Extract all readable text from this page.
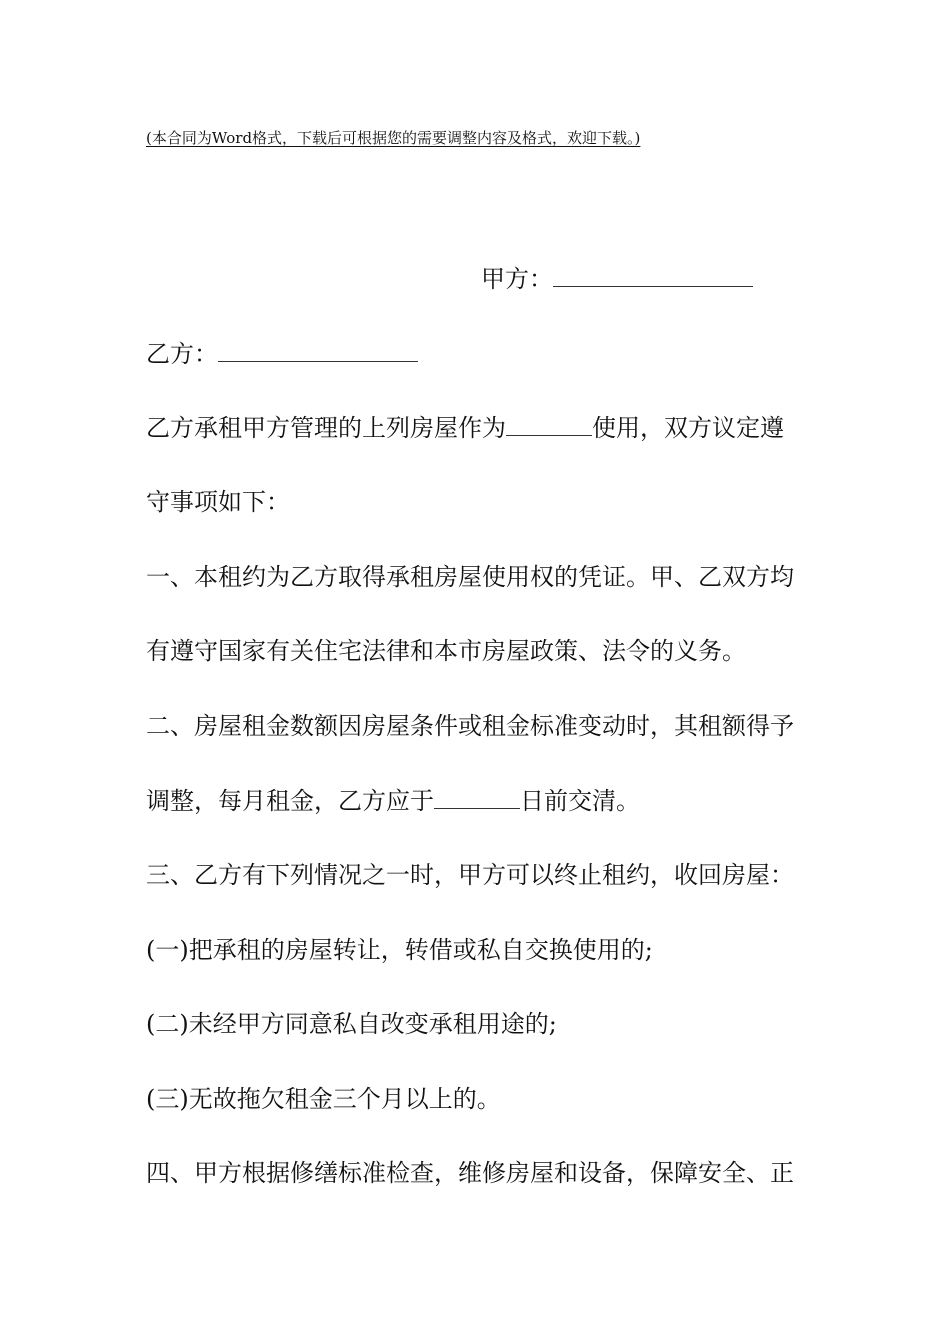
(本合同为Word格式，下载后可根据您的需要调整内容及格式，欢迎下载。)
甲方：
乙方：
乙方承租甲方管理的上列房屋作为	使用，双方议定遵
守事项如下：
一、本租约为乙方取得承租房屋使用权的凭证。甲、乙双方均
有遵守国家有关住宅法律和本市房屋政策、法令的义务。
二、房屋租金数额因房屋条件或租金标准变动时，其租额得予
调整，每月租金，乙方应于	日前交清。
三、乙方有下列情况之一时，甲方可以终止租约，收回房屋：
(一)把承租的房屋转让，转借或私自交换使用的;
(二)未经甲方同意私自改变承租用途的;
(三)无故拖欠租金三个月以上的。
四、甲方根据修缮标准检查，维修房屋和设备，保障安全、正
